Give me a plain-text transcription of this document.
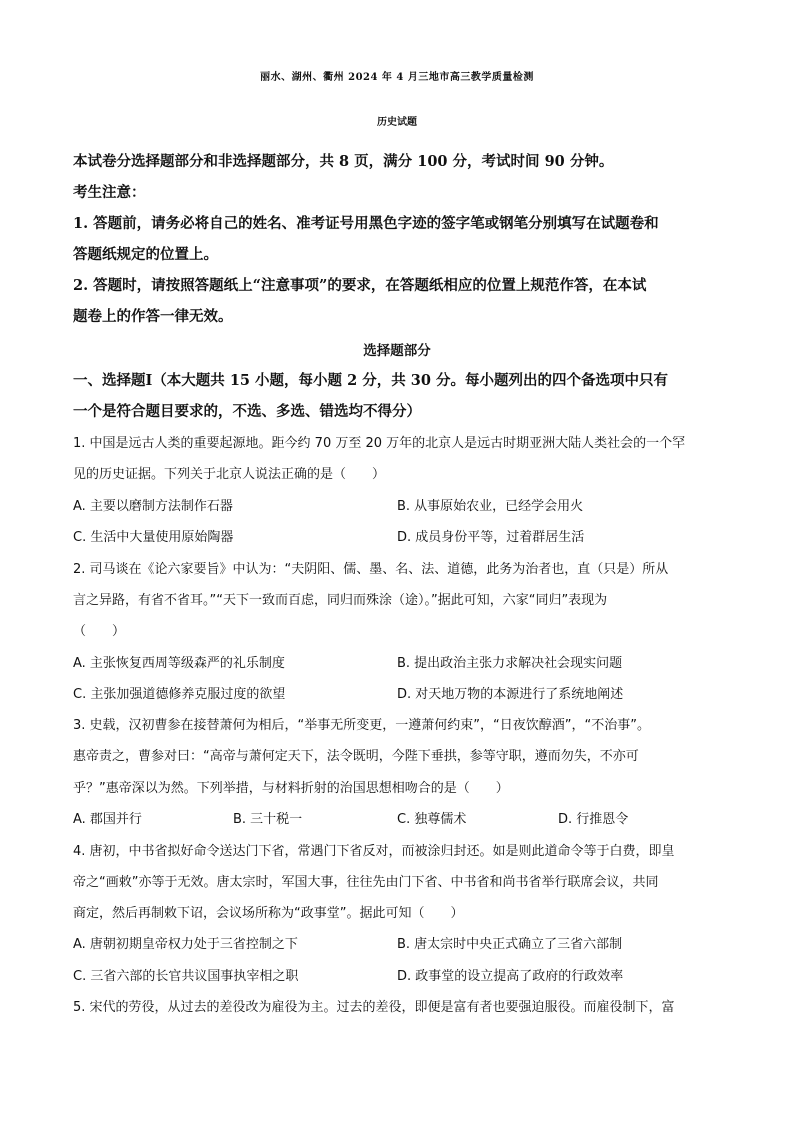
丽水、湖州、衢州 2024 年 4 月三地市高三教学质量检测
历史试题
本试卷分选择题部分和非选择题部分，共 8 页，满分 100 分，考试时间 90 分钟。
考生注意：
1. 答题前，请务必将自己的姓名、准考证号用黑色字迹的签字笔或钢笔分别填写在试题卷和
答题纸规定的位置上。
2. 答题时，请按照答题纸上“注意事项”的要求，在答题纸相应的位置上规范作答，在本试
题卷上的作答一律无效。
选择题部分
一、选择题Ⅰ（本大题共 15 小题，每小题 2 分，共 30 分。每小题列出的四个备选项中只有
一个是符合题目要求的，不选、多选、错选均不得分）
1. 中国是远古人类的重要起源地。距今约 70 万至 20 万年的北京人是远古时期亚洲大陆人类社会的一个罕
见的历史证据。下列关于北京人说法正确的是（　　）
A. 主要以磨制方法制作石器	B. 从事原始农业，已经学会用火
C. 生活中大量使用原始陶器	D. 成员身份平等，过着群居生活
2. 司马谈在《论六家要旨》中认为：“夫阴阳、儒、墨、名、法、道德，此务为治者也，直（只是）所从
言之异路，有省不省耳。”“天下一致而百虑，同归而殊涂（途）。”据此可知，六家“同归”表现为
（　　）
A. 主张恢复西周等级森严的礼乐制度	B. 提出政治主张力求解决社会现实问题
C. 主张加强道德修养克服过度的欲望	D. 对天地万物的本源进行了系统地阐述
3. 史载，汉初曹参在接替萧何为相后，“举事无所变更，一遵萧何约束”，“日夜饮醇酒”，“不治事”。
惠帝责之，曹参对曰：“高帝与萧何定天下，法令既明，今陛下垂拱，参等守职，遵而勿失，不亦可
乎？”惠帝深以为然。下列举措，与材料折射的治国思想相吻合的是（　　）
A. 郡国并行	B. 三十税一	C. 独尊儒术	D. 行推恩令
4. 唐初，中书省拟好命令送达门下省，常遇门下省反对，而被涂归封还。如是则此道命令等于白费，即皇
帝之“画敕”亦等于无效。唐太宗时，军国大事，往往先由门下省、中书省和尚书省举行联席会议，共同
商定，然后再制敕下诏，会议场所称为“政事堂”。据此可知（　　）
A. 唐朝初期皇帝权力处于三省控制之下	B. 唐太宗时中央正式确立了三省六部制
C. 三省六部的长官共议国事执宰相之职	D. 政事堂的设立提高了政府的行政效率
5. 宋代的劳役，从过去的差役改为雇役为主。过去的差役，即便是富有者也要强迫服役。而雇役制下，富
